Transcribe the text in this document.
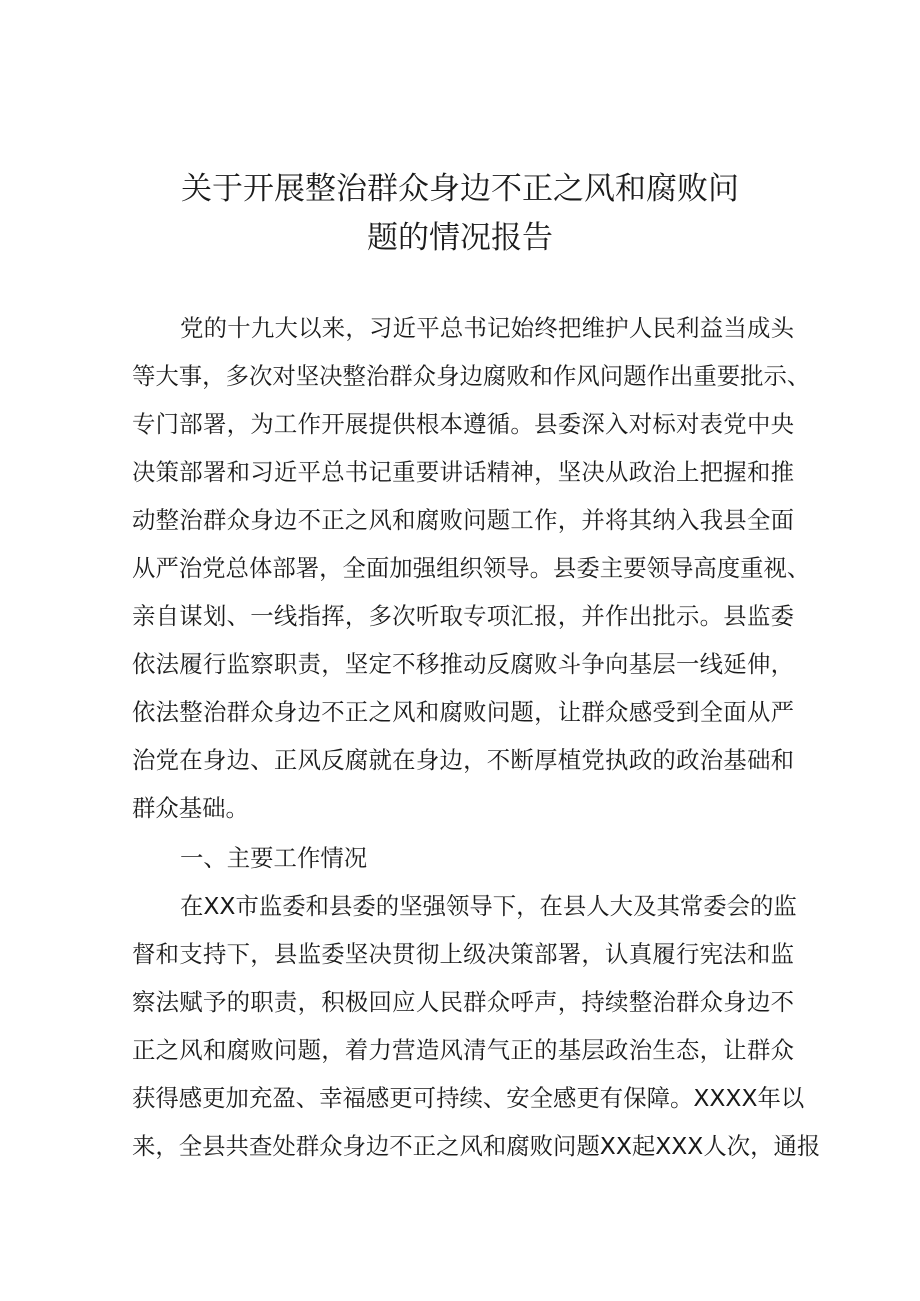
关于开展整治群众身边不正之风和腐败问
题的情况报告
党的十九大以来，习近平总书记始终把维护人民利益当成头
等大事，多次对坚决整治群众身边腐败和作风问题作出重要批示、
专门部署，为工作开展提供根本遵循。县委深入对标对表党中央
决策部署和习近平总书记重要讲话精神，坚决从政治上把握和推
动整治群众身边不正之风和腐败问题工作，并将其纳入我县全面
从严治党总体部署，全面加强组织领导。县委主要领导高度重视、
亲自谋划、一线指挥，多次听取专项汇报，并作出批示。县监委
依法履行监察职责，坚定不移推动反腐败斗争向基层一线延伸，
依法整治群众身边不正之风和腐败问题，让群众感受到全面从严
治党在身边、正风反腐就在身边，不断厚植党执政的政治基础和
群众基础。
一、主要工作情况
在XX市监委和县委的坚强领导下，在县人大及其常委会的监
督和支持下，县监委坚决贯彻上级决策部署，认真履行宪法和监
察法赋予的职责，积极回应人民群众呼声，持续整治群众身边不
正之风和腐败问题，着力营造风清气正的基层政治生态，让群众
获得感更加充盈、幸福感更可持续、安全感更有保障。XXXX年以
来，全县共查处群众身边不正之风和腐败问题XX起XXX人次，通报
